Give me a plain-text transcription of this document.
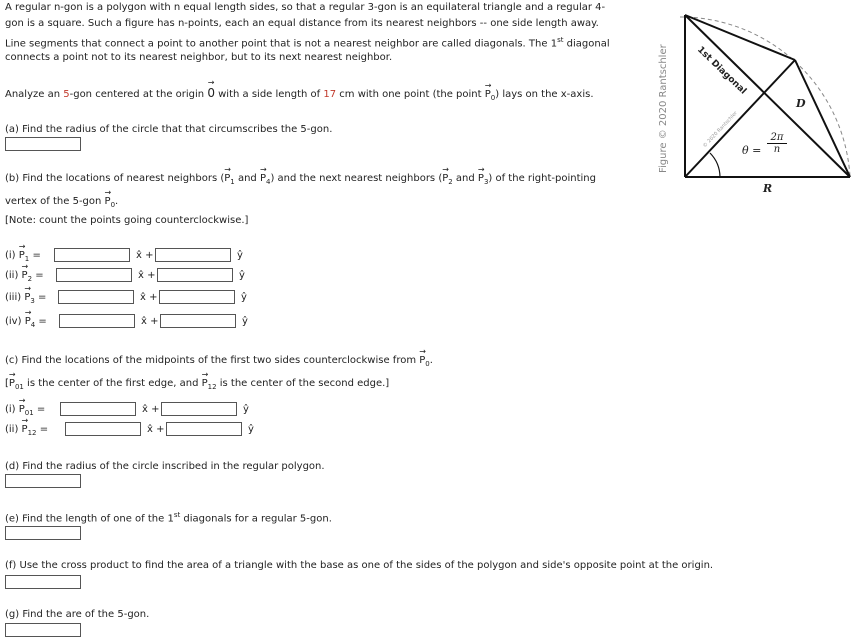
A regular n-gon is a polygon with n equal length sides, so that a regular 3-gon is an equilateral triangle and a regular 4-
gon is a square. Such a figure has n-points, each an equal distance from its nearest neighbors -- one side length away.
Line segments that connect a point to another point that is not a nearest neighbor are called diagonals. The 1st diagonal
connects a point not to its nearest neighbor, but to its next nearest neighbor.
Analyze an 5-gon centered at the origin
→
0 with a side length of 17 cm with one point (the point
→
$P_0$) lays on the x-axis.
(a) Find the radius of the circle that that circumscribes the 5-gon.
(b) Find the locations of nearest neighbors (
→
$P_1$ and
→
$P_4$) and the next nearest neighbors (
→
$P_2$ and
→
$P_3$) of the right-pointing
vertex of the 5-gon
→
$P_0$.
[Note: count the points going counterclockwise.]
(i)
→
$P_1$ =	x̂ +	ŷ
(ii)
→
$P_2$ =	x̂ +	ŷ
(iii)
→
$P_3$ =	x̂ +	ŷ
(iv)
→
$P_4$ =	x̂ +	ŷ
(c) Find the locations of the midpoints of the first two sides counterclockwise from
→
$P_0$.
[
→
$P_{01}$ is the center of the first edge, and
→
$P_{12}$ is the center of the second edge.]
(i)
→
$P_{01}$ =	x̂ +	ŷ
(ii)
→
$P_{12}$ =	x̂ +	ŷ
(d) Find the radius of the circle inscribed in the regular polygon.
(e) Find the length of one of the 1st diagonals for a regular 5-gon.
(f) Use the cross product to find the area of a triangle with the base as one of the sides of the polygon and side's opposite point at the origin.
(g) Find the are of the 5-gon.
Figure © 2020 Rantschler	1st Diagonal
© 2020 Rantschler
D
R
$\theta = \frac{2\pi}{n}$
